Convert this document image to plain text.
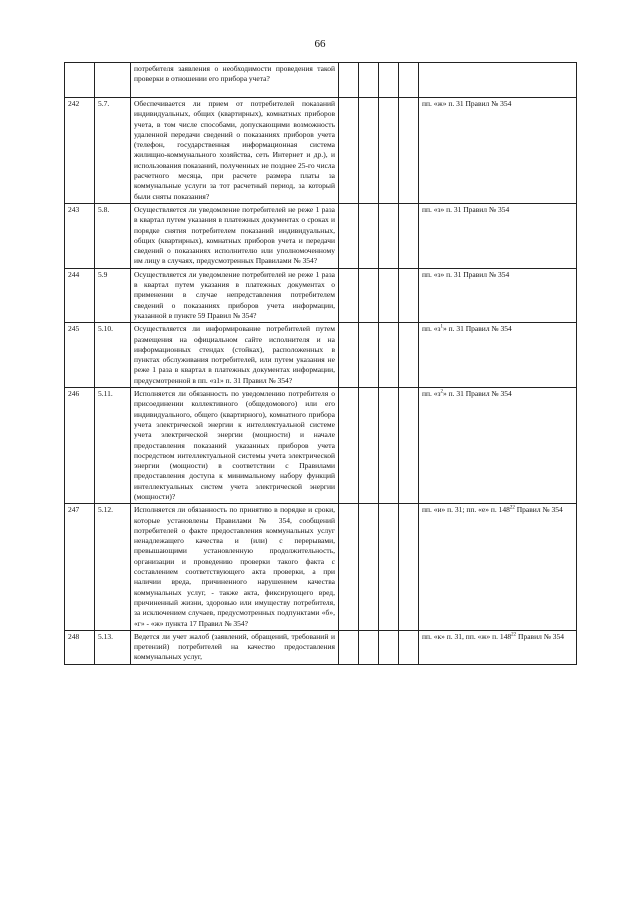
66
		потребителя заявления о необходимости проведения такой проверки в отношении его прибора учета?					
242	5.7.	Обеспечивается ли прием от потребителей показаний индивидуальных, общих (квартирных), комнатных приборов учета, в том числе способами, допускающими возможность удаленной передачи сведений о показаниях приборов учета (телефон, государственная информационная система жилищно-коммунального хозяйства, сеть Интернет и др.), и использования показаний, полученных не позднее 25-го числа расчетного месяца, при расчете размера платы за коммунальные услуги за тот расчетный период, за который были сняты показания?					пп. «ж» п. 31 Правил № 354
243	5.8.	Осуществляется ли уведомление потребителей не реже 1 раза в квартал путем указания в платежных документах о сроках и порядке снятия потребителем показаний индивидуальных, общих (квартирных), комнатных приборов учета и передачи сведений о показаниях исполнителю или уполномоченному им лицу в случаях, предусмотренных Правилами № 354?					пп. «з» п. 31 Правил № 354
244	5.9	Осуществляется ли уведомление потребителей не реже 1 раза в квартал путем указания в платежных документах о применении в случае непредставления потребителем сведений о показаниях приборов учета информации, указанной в пункте 59 Правил № 354?					пп. «з» п. 31 Правил № 354
245	5.10.	Осуществляется ли информирование потребителей путем размещения на официальном сайте исполнителя и на информационных стендах (стойках), расположенных в пунктах обслуживания потребителей, или путем указания не реже 1 раза в квартал в платежных документах информации, предусмотренной в пп. «з1» п. 31 Правил № 354?					пп. «$з^1$» п. 31 Правил № 354
246	5.11.	Исполняется ли обязанность по уведомлению потребителя о присоединении коллективного (общедомового) или его индивидуального, общего (квартирного), комнатного прибора учета электрической энергии к интеллектуальной системе учета электрической энергии (мощности) и начале предоставления показаний указанных приборов учета посредством интеллектуальной системы учета электрической энергии (мощности) в соответствии с Правилами предоставления доступа к минимальному набору функций интеллектуальных систем учета электрической энергии (мощности)?					пп. «$з^2$» п. 31 Правил № 354
247	5.12.	Исполняется ли обязанность по принятию в порядке и сроки, которые установлены Правилами № 354, сообщений потребителей о факте предоставления коммунальных услуг ненадлежащего качества и (или) с перерывами, превышающими установленную продолжительность, организации и проведению проверки такого факта с составлением соответствующего акта проверки, а при наличии вреда, причиненного нарушением качества коммунальных услуг, - также акта, фиксирующего вред, причиненный жизни, здоровью или имуществу потребителя, за исключением случаев, предусмотренных подпунктами «б», «г» - «ж» пункта 17 Правил № 354?					пп. «и» п. 31; пп. «е» п. $148^{22}$ Правил № 354
248	5.13.	Ведется ли учет жалоб (заявлений, обращений, требований и претензий) потребителей на качество предоставления коммунальных услуг,					пп. «к» п. 31, пп. «ж» п. $148^{22}$ Правил № 354
